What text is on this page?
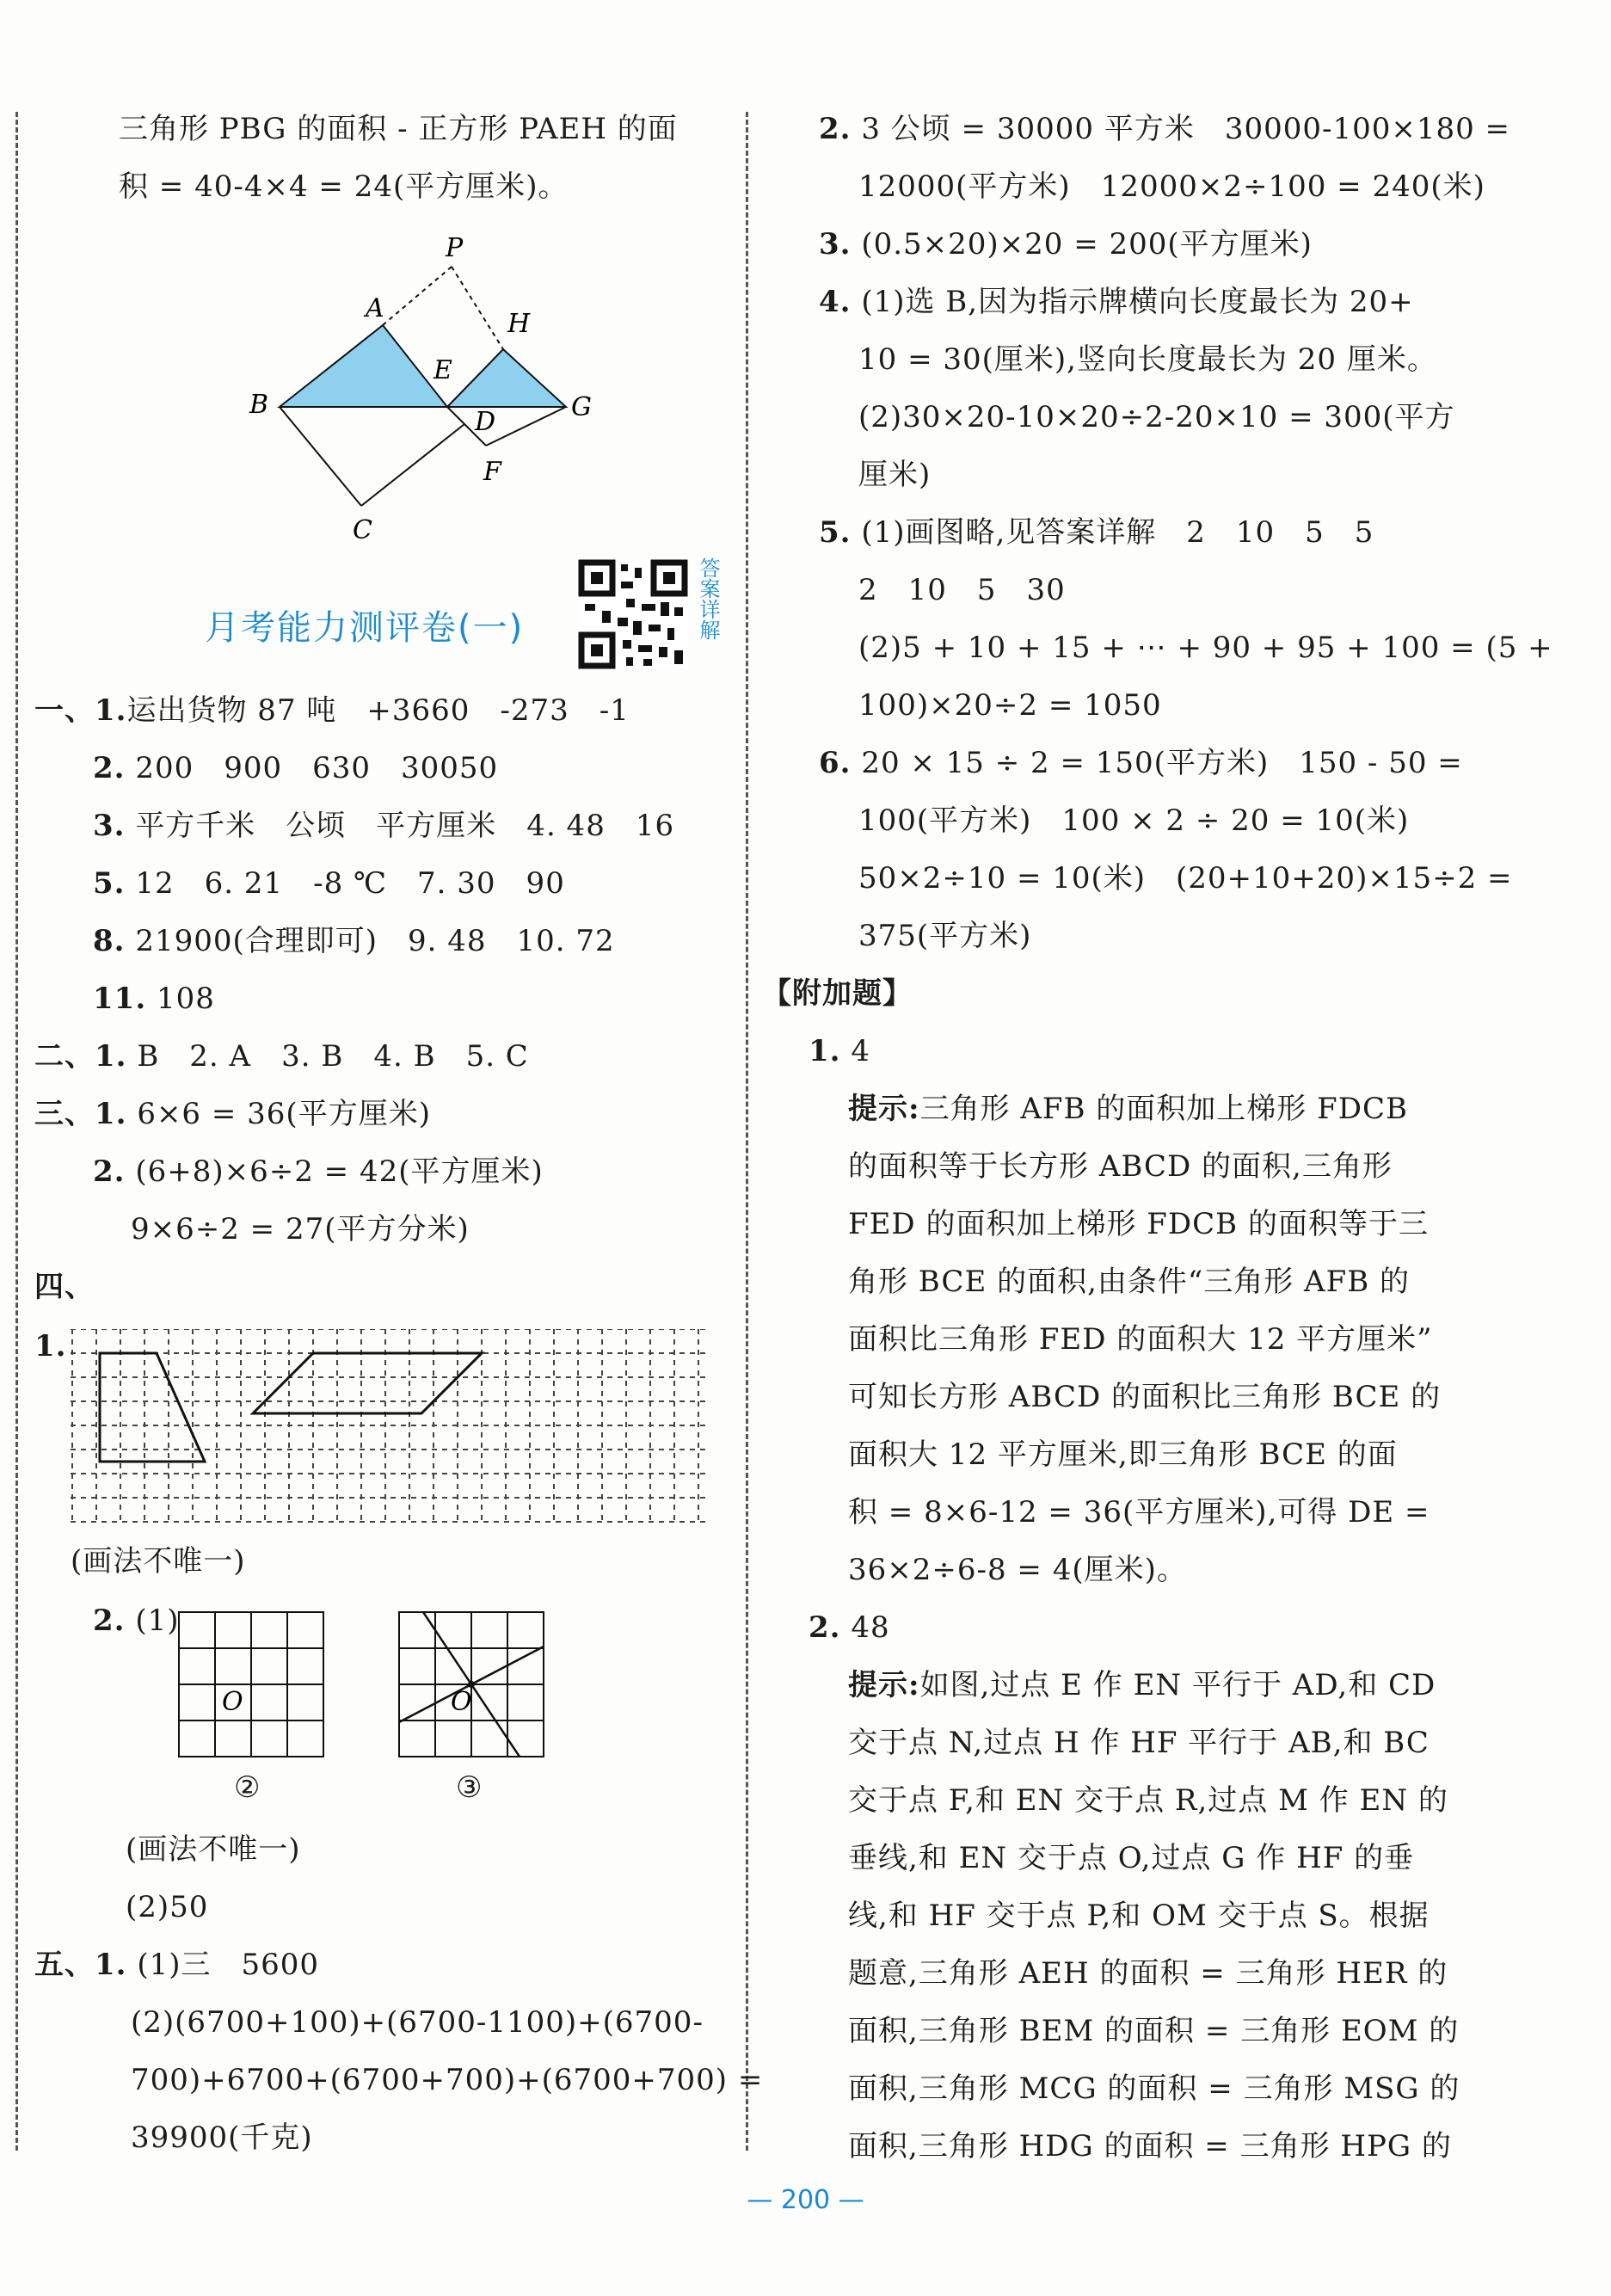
三角形 PBG 的面积 - 正方形 PAEH 的面
积 = 40-4×4 = 24(平方厘米)。
P
A
H
E
B
D	G
F
C
月考能力测评卷(一)	答案详解
一、1.运出货物 87 吨　+3660　-273　-1
2. 200　900　630　30050
3. 平方千米　公顷　平方厘米　4. 48　16
5. 12　6. 21　-8 ℃　7. 30　90
8. 21900(合理即可)　9. 48　10. 72
11. 108
二、1. B　2. A　3. B　4. B　5. C
三、1. 6×6 = 36(平方厘米)
2. (6+8)×6÷2 = 42(平方厘米)
9×6÷2 = 27(平方分米)
四、
1.
(画法不唯一)
2. (1)
O	O
②	③
(画法不唯一)
(2)50
五、1. (1)三　5600
(2)(6700+100)+(6700-1100)+(6700-
700)+6700+(6700+700)+(6700+700) =
39900(千克)
2. 3 公顷 = 30000 平方米　30000-100×180 =
12000(平方米)　12000×2÷100 = 240(米)
3. (0.5×20)×20 = 200(平方厘米)
4. (1)选 B,因为指示牌横向长度最长为 20+
10 = 30(厘米),竖向长度最长为 20 厘米。
(2)30×20-10×20÷2-20×10 = 300(平方
厘米)
5. (1)画图略,见答案详解　2　10　5　5
2　10　5　30
(2)5 + 10 + 15 + ⋯ + 90 + 95 + 100 = (5 +
100)×20÷2 = 1050
6. 20 × 15 ÷ 2 = 150(平方米)　150 - 50 =
100(平方米)　100 × 2 ÷ 20 = 10(米)
50×2÷10 = 10(米)　(20+10+20)×15÷2 =
375(平方米)
【附加题】
1. 4
提示:三角形 AFB 的面积加上梯形 FDCB
的面积等于长方形 ABCD 的面积,三角形
FED 的面积加上梯形 FDCB 的面积等于三
角形 BCE 的面积,由条件“三角形 AFB 的
面积比三角形 FED 的面积大 12 平方厘米”
可知长方形 ABCD 的面积比三角形 BCE 的
面积大 12 平方厘米,即三角形 BCE 的面
积 = 8×6-12 = 36(平方厘米),可得 DE =
36×2÷6-8 = 4(厘米)。
2. 48
提示:如图,过点 E 作 EN 平行于 AD,和 CD
交于点 N,过点 H 作 HF 平行于 AB,和 BC
交于点 F,和 EN 交于点 R,过点 M 作 EN 的
垂线,和 EN 交于点 O,过点 G 作 HF 的垂
线,和 HF 交于点 P,和 OM 交于点 S。根据
题意,三角形 AEH 的面积 = 三角形 HER 的
面积,三角形 BEM 的面积 = 三角形 EOM 的
面积,三角形 MCG 的面积 = 三角形 MSG 的
面积,三角形 HDG 的面积 = 三角形 HPG 的
— 200 —
